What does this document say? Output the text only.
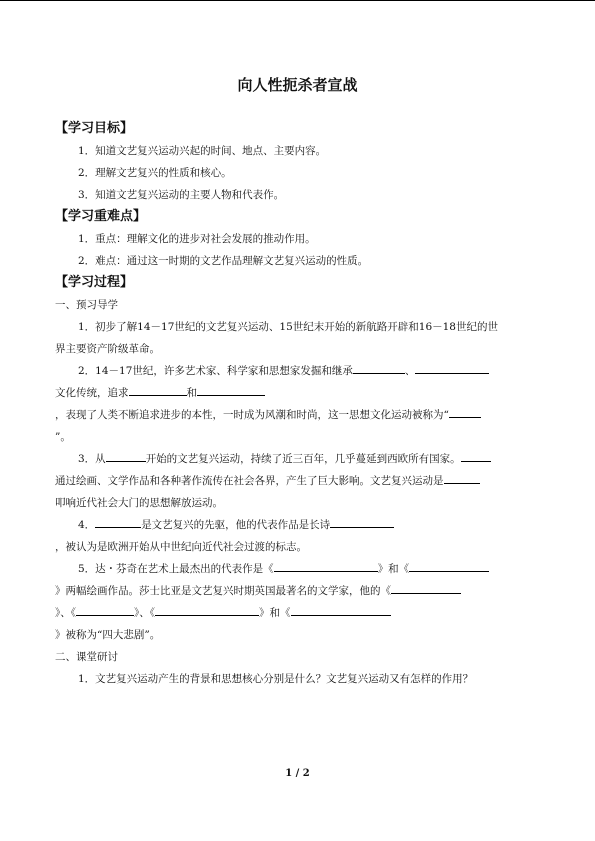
向人性扼杀者宣战

【学习目标】

1．知道文艺复兴运动兴起的时间、地点、主要内容。

2．理解文艺复兴的性质和核心。

3．知道文艺复兴运动的主要人物和代表作。

【学习重难点】

1．重点：理解文化的进步对社会发展的推动作用。

2．难点：通过这一时期的文艺作品理解文艺复兴运动的性质。

【学习过程】

一、预习导学

1．初步了解14－17世纪的文艺复兴运动、15世纪末开始的新航路开辟和16－18世纪的世

界主要资产阶级革命。

2．14－17世纪，许多艺术家、科学家和思想家发掘和继承	、

文化传统，追求	和

，表现了人类不断追求进步的本性，一时成为风潮和时尚，这一思想文化运动被称为“

”。

3．从	开始的文艺复兴运动，持续了近三百年，几乎蔓延到西欧所有国家。

通过绘画、文学作品和各种著作流传在社会各界，产生了巨大影响。文艺复兴运动是

叩响近代社会大门的思想解放运动。

4．	是文艺复兴的先驱，他的代表作品是长诗

，被认为是欧洲开始从中世纪向近代社会过渡的标志。

5．达・芬奇在艺术上最杰出的代表作是《	》和《

》两幅绘画作品。莎士比亚是文艺复兴时期英国最著名的文学家，他的《

》、《	》、《	》和《

》被称为“四大悲剧”。

二、课堂研讨

1．文艺复兴运动产生的背景和思想核心分别是什么？文艺复兴运动又有怎样的作用？

1 / 2
